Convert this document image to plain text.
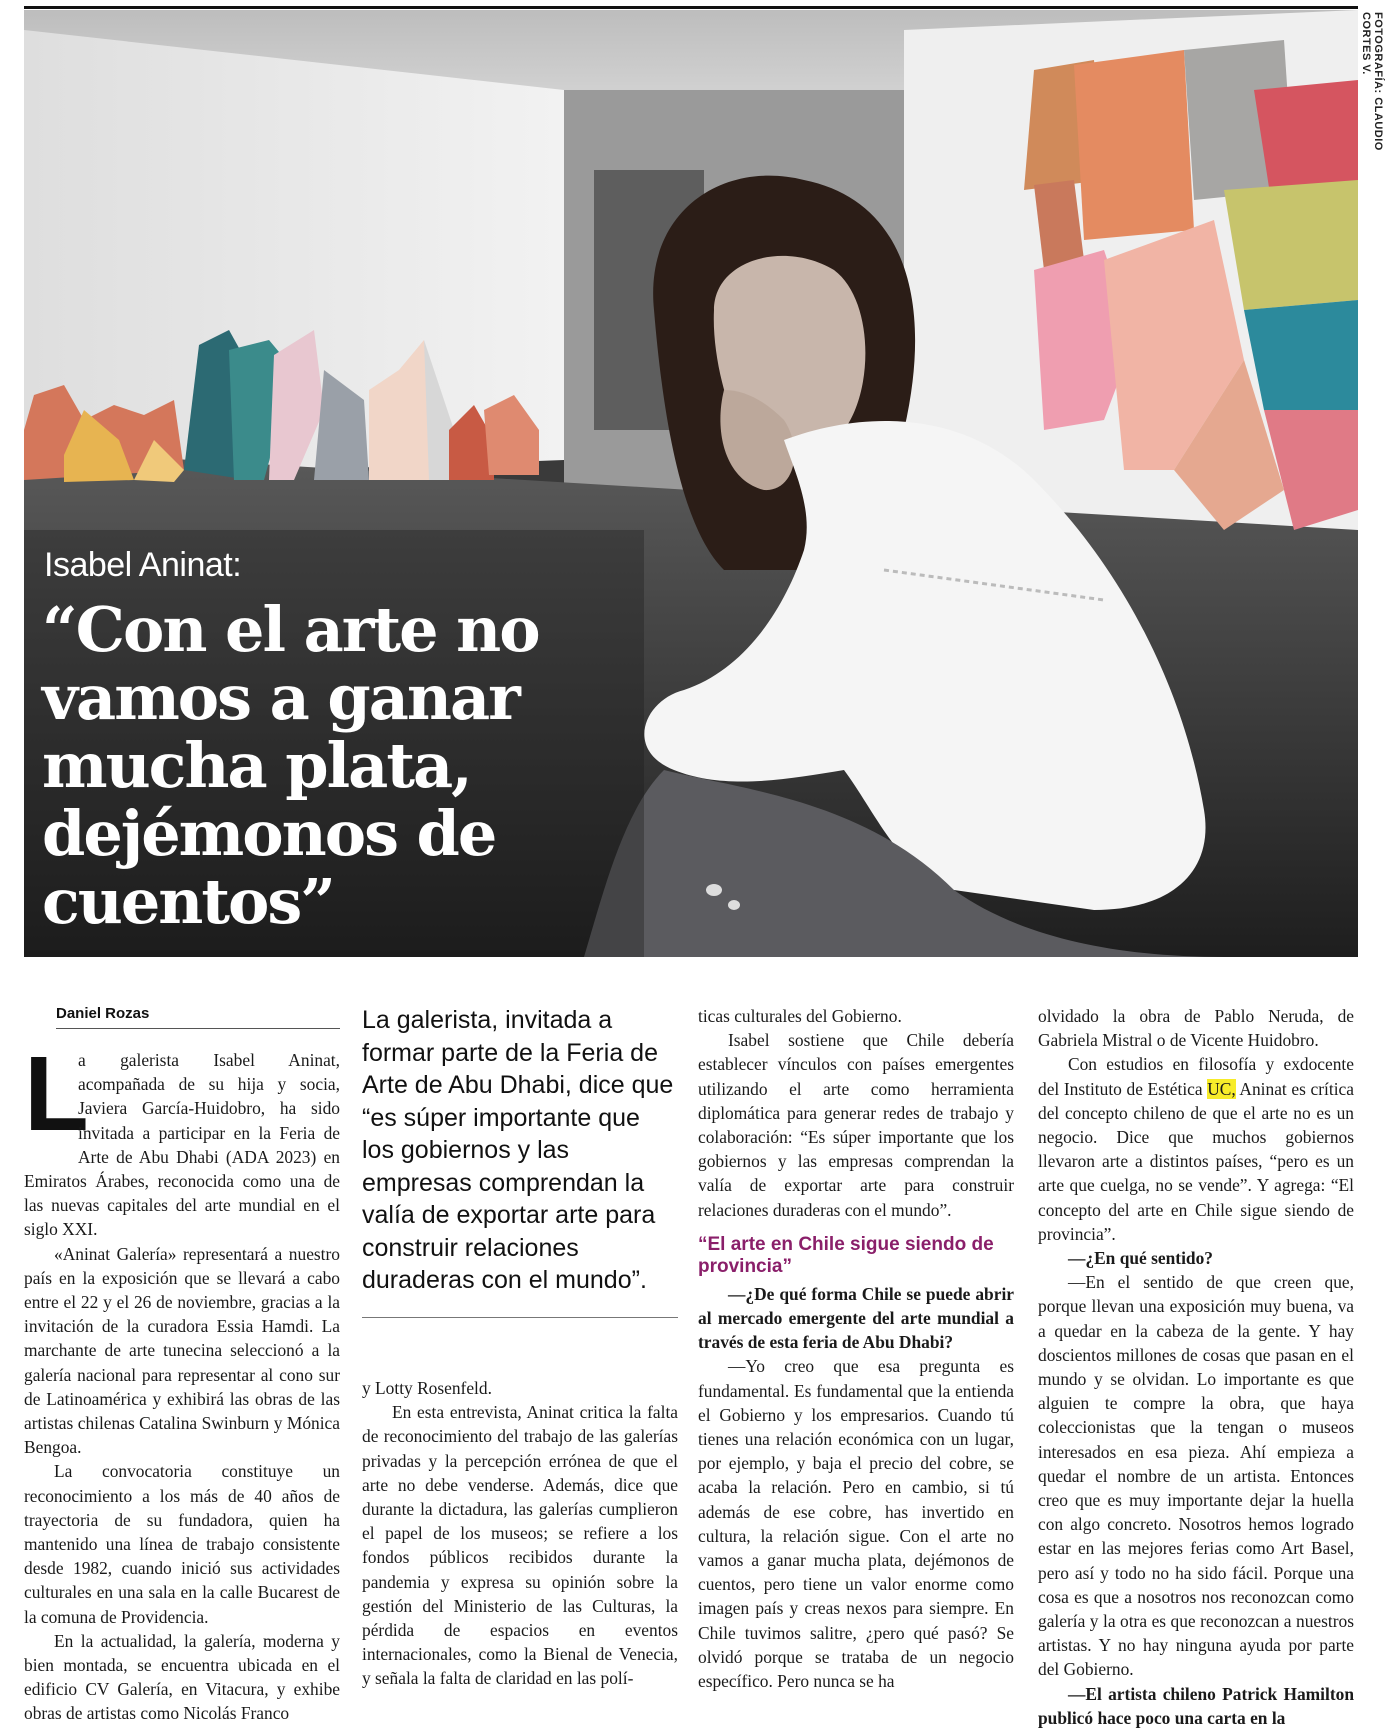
FOTOGRAFÍA: CLAUDIO CORTES V.
Isabel Aninat:
“Con el arte no
vamos a ganar
mucha plata,
dejémonos de
cuentos”
Daniel Rozas
L

a galerista Isabel Aninat, acompañada de su hija y socia, Javiera García-Huidobro, ha sido invitada a participar en la Feria de Arte de Abu Dhabi (ADA 2023) en Emiratos Árabes, reconocida como una de las nuevas capitales del arte mundial en el siglo XXI.

«Aninat Galería» representará a nuestro país en la exposición que se llevará a cabo entre el 22 y el 26 de noviembre, gracias a la invitación de la curadora Essia Hamdi. La marchante de arte tunecina seleccionó a la galería nacional para representar al cono sur de Latinoamérica y exhibirá las obras de las artistas chilenas Catalina Swinburn y Mónica Bengoa.

La convocatoria constituye un reconocimiento a los más de 40 años de trayectoria de su fundadora, quien ha mantenido una línea de trabajo consistente desde 1982, cuando inició sus actividades culturales en una sala en la calle Bucarest de la comuna de Providencia.

En la actualidad, la galería, moderna y bien montada, se encuentra ubicada en el edificio CV Galería, en Vitacura, y exhibe obras de artistas como Nicolás Franco

La galerista, invitada a formar parte de la Feria de Arte de Abu Dhabi, dice que “es súper importante que los gobiernos y las empresas comprendan la valía de exportar arte para construir relaciones duraderas con el mundo”.

y Lotty Rosenfeld.

En esta entrevista, Aninat critica la falta de reconocimiento del trabajo de las galerías privadas y la percepción errónea de que el arte no debe venderse. Además, dice que durante la dictadura, las galerías cumplieron el papel de los museos; se refiere a los fondos públicos recibidos durante la pandemia y expresa su opinión sobre la gestión del Ministerio de las Culturas, la pérdida de espacios en eventos internacionales, como la Bienal de Venecia, y señala la falta de claridad en las polí-

ticas culturales del Gobierno.

Isabel sostiene que Chile debería establecer vínculos con países emergentes utilizando el arte como herramienta diplomática para generar redes de trabajo y colaboración: “Es súper importante que los gobiernos y las empresas comprendan la valía de exportar arte para construir relaciones duraderas con el mundo”.

“El arte en Chile sigue siendo de provincia”

—¿De qué forma Chile se puede abrir al mercado emergente del arte mundial a través de esta feria de Abu Dhabi?

—Yo creo que esa pregunta es fundamental. Es fundamental que la entienda el Gobierno y los empresarios. Cuando tú tienes una relación económica con un lugar, por ejemplo, y baja el precio del cobre, se acaba la relación. Pero en cambio, si tú además de ese cobre, has invertido en cultura, la relación sigue. Con el arte no vamos a ganar mucha plata, dejémonos de cuentos, pero tiene un valor enorme como imagen país y creas nexos para siempre. En Chile tuvimos salitre, ¿pero qué pasó? Se olvidó porque se trataba de un negocio específico. Pero nunca se ha

olvidado la obra de Pablo Neruda, de Gabriela Mistral o de Vicente Huidobro.

Con estudios en filosofía y exdocente del Instituto de Estética UC, Aninat es crítica del concepto chileno de que el arte no es un negocio. Dice que muchos gobiernos llevaron arte a distintos países, “pero es un arte que cuelga, no se vende”. Y agrega: “El concepto del arte en Chile sigue siendo de provincia”.

—¿En qué sentido?

—En el sentido de que creen que, porque llevan una exposición muy buena, va a quedar en la cabeza de la gente. Y hay doscientos millones de cosas que pasan en el mundo y se olvidan. Lo importante es que alguien te compre la obra, que haya coleccionistas que la tengan o museos interesados en esa pieza. Ahí empieza a quedar el nombre de un artista. Entonces creo que es muy importante dejar la huella con algo concreto. Nosotros hemos logrado estar en las mejores ferias como Art Basel, pero así y todo no ha sido fácil. Porque una cosa es que a nosotros nos reconozcan como galería y la otra es que reconozcan a nuestros artistas. Y no hay ninguna ayuda por parte del Gobierno.

—El artista chileno Patrick Hamilton publicó hace poco una carta en la
